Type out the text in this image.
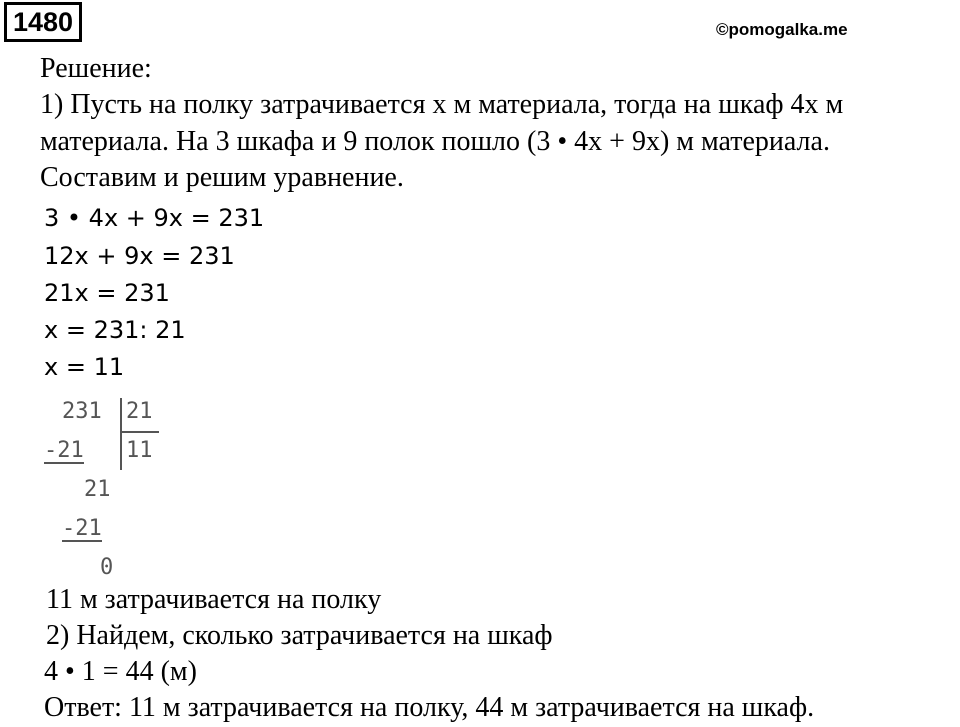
1480	©pomogalka.me
Решение:
1) Пусть на полку затрачивается х м материала, тогда на шкаф 4х м
материала. На 3 шкафа и 9 полок пошло (3 • 4х + 9х) м материала.
Составим и решим уравнение.
3 • 4x + 9x = 231
12x + 9x = 231
21x = 231
x = 231: 21
x = 11
231 21
-21 11
21
-21
0
11 м затрачивается на полку
2) Найдем, сколько затрачивается на шкаф
4 • 1 = 44 (м)
Ответ: 11 м затрачивается на полку, 44 м затрачивается на шкаф.
